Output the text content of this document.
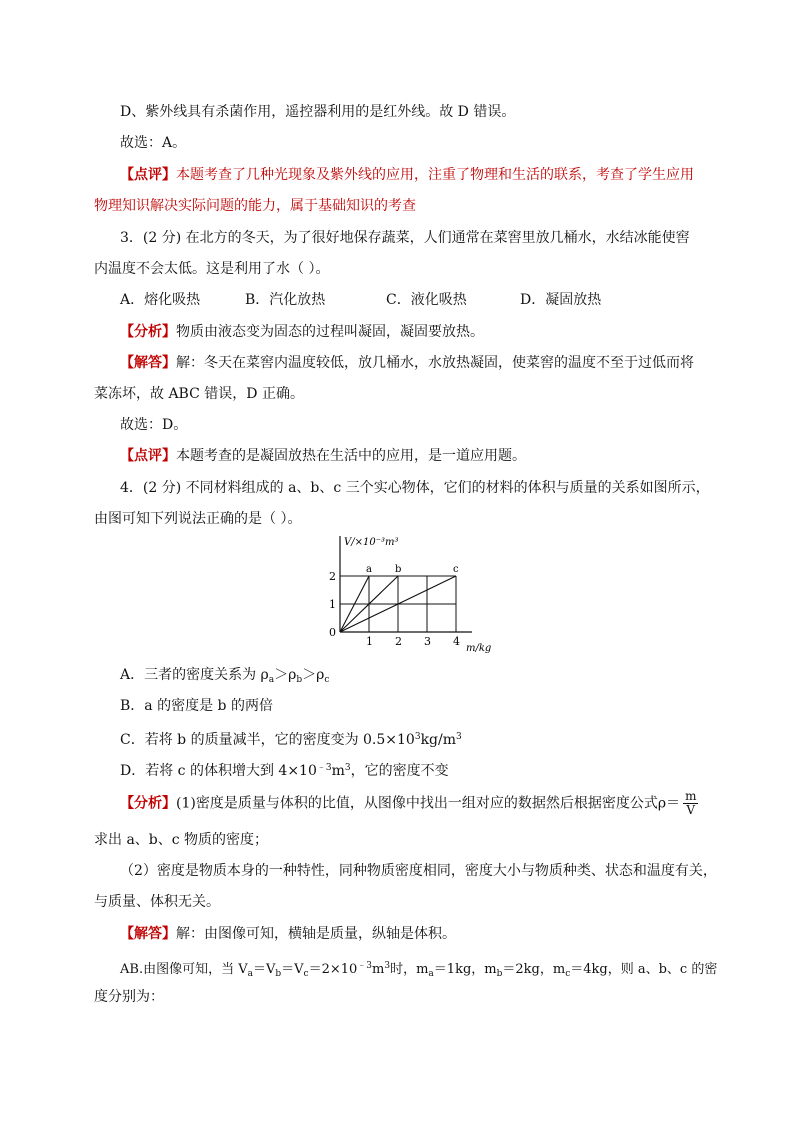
D、紫外线具有杀菌作用，遥控器利用的是红外线。故 D 错误。
故选：A。
【点评】本题考查了几种光现象及紫外线的应用，注重了物理和生活的联系，考查了学生应用
物理知识解决实际问题的能力，属于基础知识的考查
3．(2 分) 在北方的冬天，为了很好地保存蔬菜，人们通常在菜窖里放几桶水，水结冰能使窖
内温度不会太低。这是利用了水（ ）。
A．熔化吸热	B．汽化放热	C．液化吸热	D．凝固放热
【分析】物质由液态变为固态的过程叫凝固，凝固要放热。
【解答】解：冬天在菜窖内温度较低，放几桶水，水放热凝固，使菜窖的温度不至于过低而将
菜冻坏，故 ABC 错误，D 正确。
故选：D。
【点评】本题考查的是凝固放热在生活中的应用，是一道应用题。
4．(2 分) 不同材料组成的 a、b、c 三个实心物体，它们的材料的体积与质量的关系如图所示，
由图可知下列说法正确的是（ ）。
a b	c
1 2 3 4
0
1
2
m/kg
V/×10⁻³m³
A．三者的密度关系为 $\rho_a>\rho_b>\rho_c$
B．a 的密度是 b 的两倍
C．若将 b 的质量减半，它的密度变为 $0.5\times 10^3kg/m^3$
D．若将 c 的体积增大到 $4\times 10^{﹣3}m^3$，它的密度不变
【分析】(1)密度是质量与体积的比值，从图像中找出一组对应的数据然后根据密度公式$\rho= \frac{m}{V}$
求出 a、b、c 物质的密度；
（2）密度是物质本身的一种特性，同种物质密度相同，密度大小与物质种类、状态和温度有关，
与质量、体积无关。
【解答】解：由图像可知，横轴是质量，纵轴是体积。
AB.由图像可知，当 $V_a=V_b=V_c=2\times 10^{﹣3}m^3$时，$m_a=1kg$，$m_b=2kg$，$m_c=4kg$，则 a、b、c 的密
度分别为：
